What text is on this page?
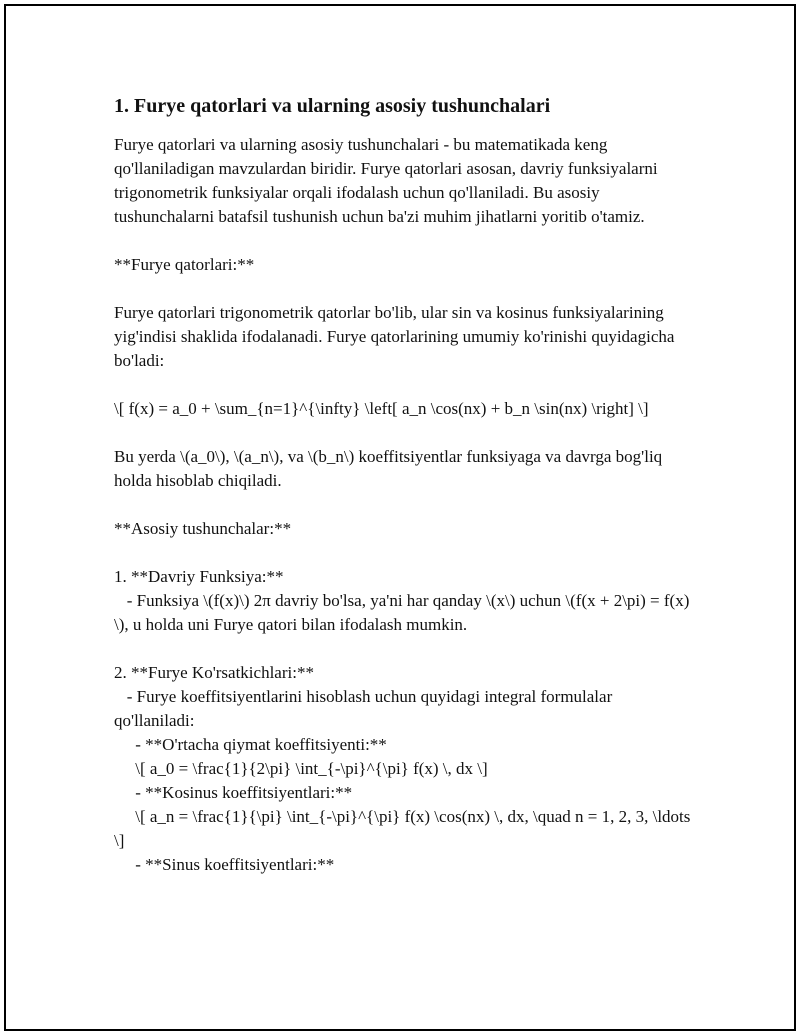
1. Furye qatorlari va ularning asosiy tushunchalari

Furye qatorlari va ularning asosiy tushunchalari - bu matematikada keng qo'llaniladigan mavzulardan biridir. Furye qatorlari asosan, davriy funksiyalarni trigonometrik funksiyalar orqali ifodalash uchun qo'llaniladi. Bu asosiy tushunchalarni batafsil tushunish uchun ba'zi muhim jihatlarni yoritib o'tamiz.

**Furye qatorlari:**

Furye qatorlari trigonometrik qatorlar bo'lib, ular sin va kosinus funksiyalarining yig'indisi shaklida ifodalanadi. Furye qatorlarining umumiy ko'rinishi quyidagicha bo'ladi:

\[ f(x) = a_0 + \sum_{n=1}^{\infty} \left[ a_n \cos(nx) + b_n \sin(nx) \right] \]

Bu yerda \(a_0\), \(a_n\), va \(b_n\) koeffitsiyentlar funksiyaga va davrga bog'liq holda hisoblab chiqiladi.

**Asosiy tushunchalar:**

1. **Davriy Funksiya:**
- Funksiya \(f(x)\) 2π davriy bo'lsa, ya'ni har qanday \(x\) uchun \(f(x + 2\pi) = f(x) \), u holda uni Furye qatori bilan ifodalash mumkin.

2. **Furye Ko'rsatkichlari:**
- Furye koeffitsiyentlarini hisoblash uchun quyidagi integral formulalar qo'llaniladi:
- **O'rtacha qiymat koeffitsiyenti:**
\[ a_0 = \frac{1}{2\pi} \int_{-\pi}^{\pi} f(x) \, dx \]
- **Kosinus koeffitsiyentlari:**
\[ a_n = \frac{1}{\pi} \int_{-\pi}^{\pi} f(x) \cos(nx) \, dx, \quad n = 1, 2, 3, \ldots \]
- **Sinus koeffitsiyentlari:**
